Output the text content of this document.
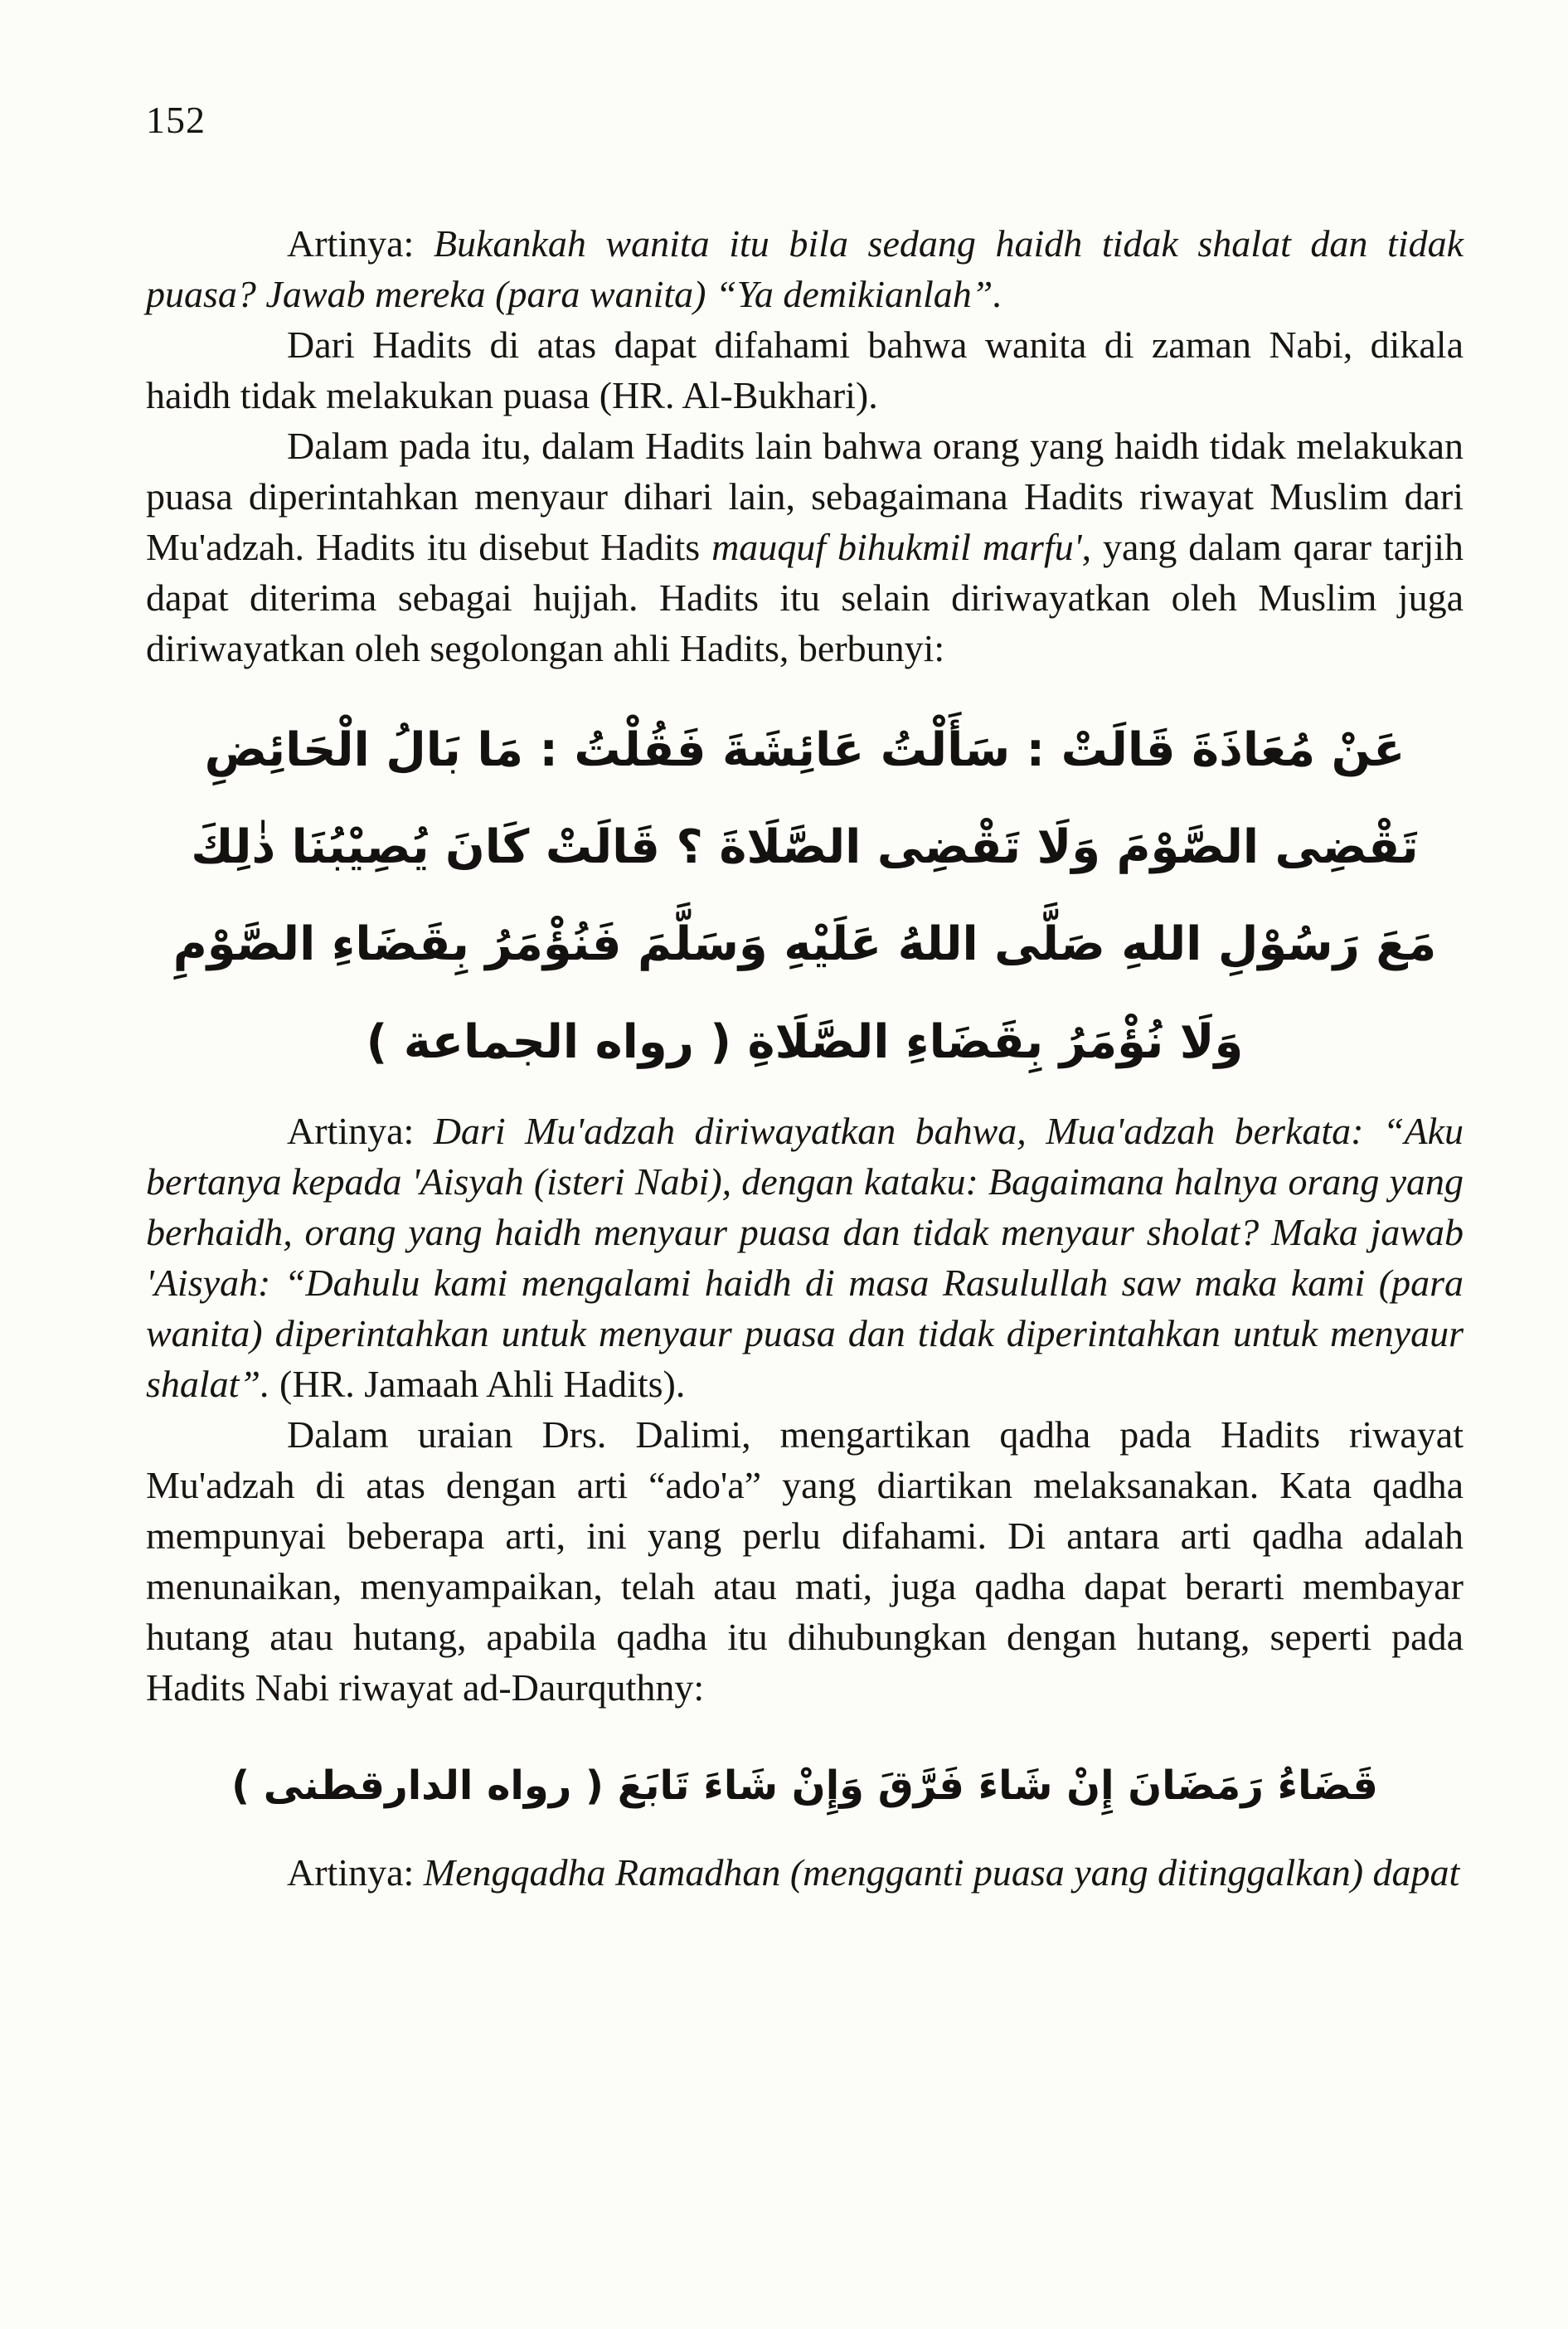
152

Artinya: Bukankah wanita itu bila sedang haidh tidak shalat dan tidak puasa? Jawab mereka (para wanita) “Ya demikianlah”.

Dari Hadits di atas dapat difahami bahwa wanita di zaman Nabi, dikala haidh tidak melakukan puasa (HR. Al-Bukhari).

Dalam pada itu, dalam Hadits lain bahwa orang yang haidh tidak melakukan puasa diperintahkan menyaur dihari lain, sebagaimana Hadits riwayat Muslim dari Mu'adzah. Hadits itu disebut Hadits mauquf bihukmil marfu', yang dalam qarar tarjih dapat diterima sebagai hujjah. Hadits itu selain diriwayatkan oleh Muslim juga diriwayatkan oleh segolongan ahli Hadits, berbunyi:

عَنْ مُعَاذَةَ قَالَتْ : سَأَلْتُ عَائِشَةَ فَقُلْتُ : مَا بَالُ الْحَائِضِ
تَقْضِى الصَّوْمَ وَلَا تَقْضِى الصَّلَاةَ ؟ قَالَتْ كَانَ يُصِيْبُنَا ذٰلِكَ
مَعَ رَسُوْلِ اللهِ صَلَّى اللهُ عَلَيْهِ وَسَلَّمَ فَنُؤْمَرُ بِقَضَاءِ الصَّوْمِ
وَلَا نُؤْمَرُ بِقَضَاءِ الصَّلَاةِ ( رواه الجماعة )

Artinya: Dari Mu'adzah diriwayatkan bahwa, Mua'adzah berkata: “Aku bertanya kepada 'Aisyah (isteri Nabi), dengan kataku: Bagaimana halnya orang yang berhaidh, orang yang haidh menyaur puasa dan tidak menyaur sholat? Maka jawab 'Aisyah: “Dahulu kami mengalami haidh di masa Rasulullah saw maka kami (para wanita) diperintahkan untuk menyaur puasa dan tidak diperintahkan untuk menyaur shalat”. (HR. Jamaah Ahli Hadits).

Dalam uraian Drs. Dalimi, mengartikan qadha pada Hadits riwayat Mu'adzah di atas dengan arti “ado'a” yang diartikan melaksanakan. Kata qadha mempunyai beberapa arti, ini yang perlu difahami. Di antara arti qadha adalah menunaikan, menyampaikan, telah atau mati, juga qadha dapat berarti membayar hutang atau hutang, apabila qadha itu dihubungkan dengan hutang, seperti pada Hadits Nabi riwayat ad-Daurquthny:

قَضَاءُ رَمَضَانَ إِنْ شَاءَ فَرَّقَ وَإِنْ شَاءَ تَابَعَ ( رواه الدارقطنى )

Artinya: Mengqadha Ramadhan (mengganti puasa yang ditinggalkan) dapat
